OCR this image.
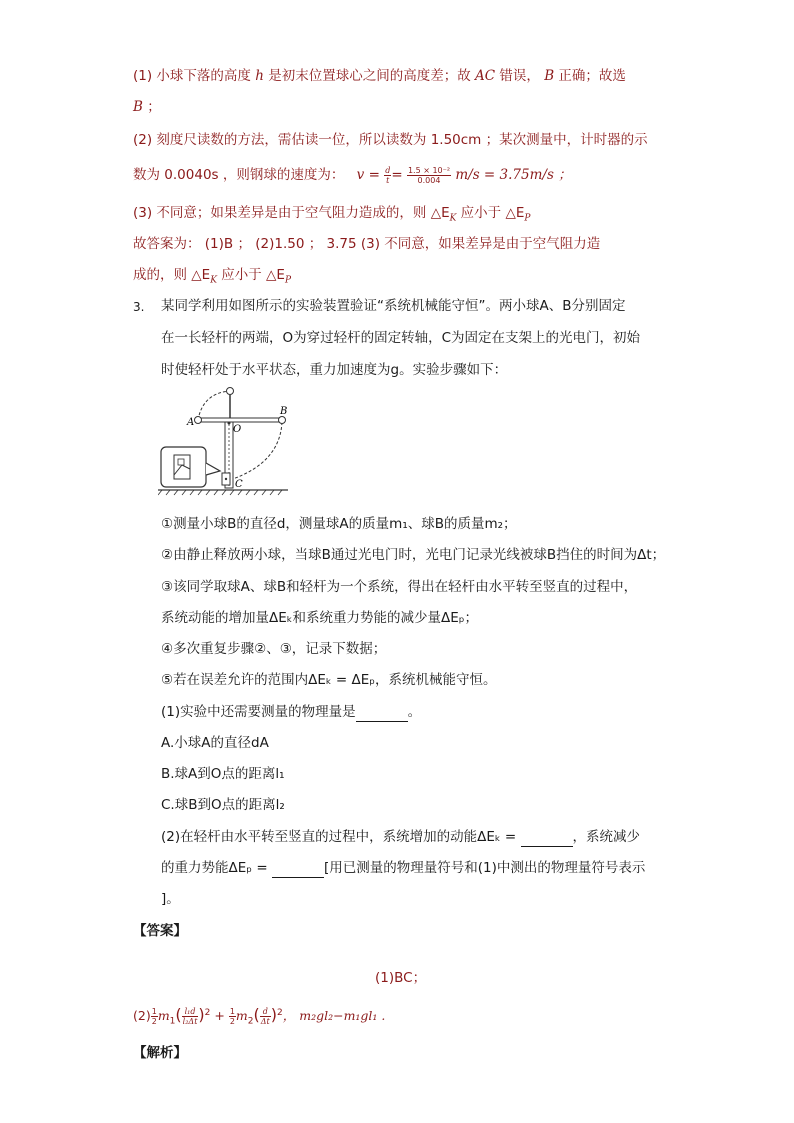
(1) 小球下落的高度 h 是初末位置球心之间的高度差；故 AC 错误， B 正确；故选
B ；
(2) 刻度尺读数的方法，需估读一位，所以读数为 1.50cm ；某次测量中，计时器的示
数为 0.0040s ，则钢球的速度为： $v = \frac{d}{t} = \frac{\text{1.5 × 10⁻²}}{0.004} m/s = 3.75m/s$ ；
(3) 不同意；如果差异是由于空气阻力造成的，则 $\triangle E_K$ 应小于 $\triangle E_P$
故答案为： (1)B ； (2)1.50 ； 3.75 (3) 不同意，如果差异是由于空气阻力造
成的，则 $\triangle E_K$ 应小于 $\triangle E_P$
3. 某同学利用如图所示的实验装置验证“系统机械能守恒”。两小球A、B分别固定
在一长轻杆的两端，O为穿过轻杆的固定转轴，C为固定在支架上的光电门，初始
时使轻杆处于水平状态，重力加速度为g。实验步骤如下：
A
B
O
C
①测量小球B的直径d，测量球A的质量m₁、球B的质量m₂；
②由静止释放两小球，当球B通过光电门时，光电门记录光线被球B挡住的时间为Δt；
③该同学取球A、球B和轻杆为一个系统，得出在轻杆由水平转至竖直的过程中，
系统动能的增加量ΔEₖ和系统重力势能的减少量ΔEₚ；
④多次重复步骤②、③，记录下数据；
⑤若在误差允许的范围内ΔEₖ = ΔEₚ，系统机械能守恒。
(1)实验中还需要测量的物理量是	。
A.小球A的直径dA
B.球A到O点的距离l₁
C.球B到O点的距离l₂
(2)在轻杆由水平转至竖直的过程中，系统增加的动能ΔEₖ =	，系统减少
的重力势能ΔEₚ =	[用已测量的物理量符号和(1)中测出的物理量符号表示
]。
【答案】
(1)BC；
$(2) \frac{1}{2} m_1( \frac{\text{l₁d}}{\text{l₂Δt}} )^2 + \frac{1}{2} m_2( \frac{d}{\Delta t} )^2$， m₂gl₂−m₁gl₁ .
【解析】
